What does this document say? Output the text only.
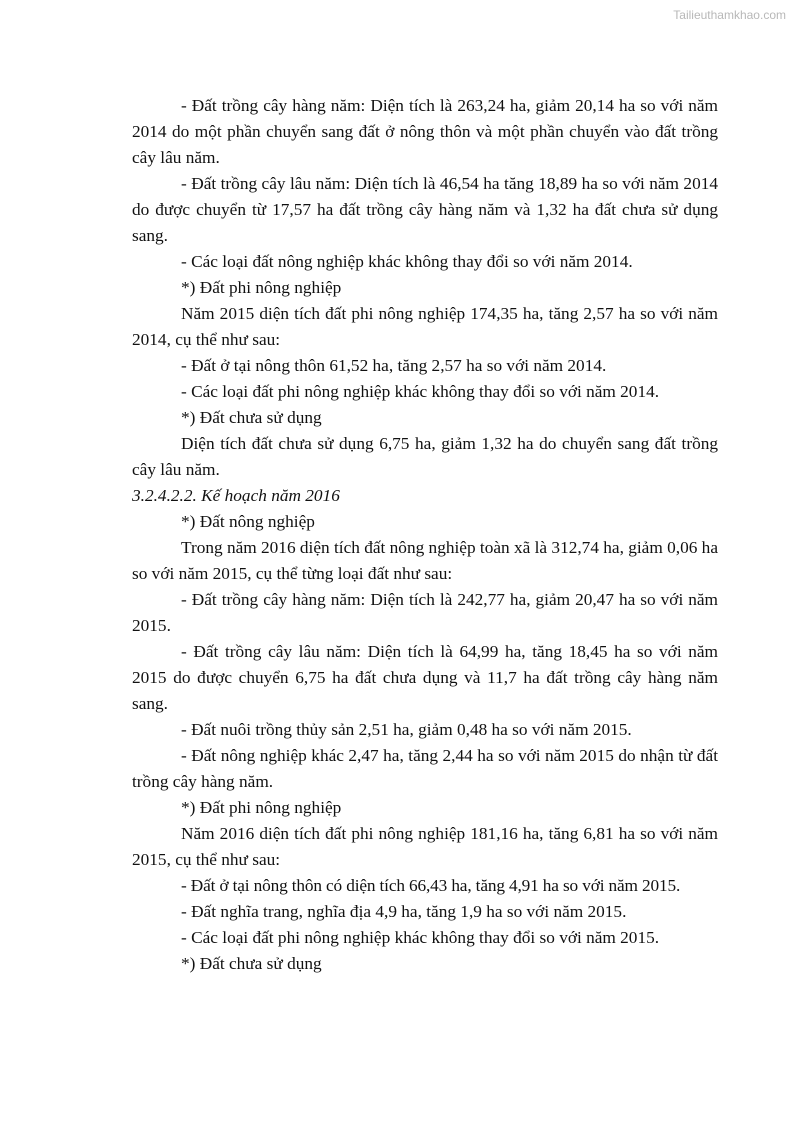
Tailieuthamkhao.com

- Đất trồng cây hàng năm: Diện tích là 263,24 ha, giảm 20,14 ha so với năm 2014 do một phần chuyển sang đất ở nông thôn và một phần chuyển vào đất trồng cây lâu năm.

- Đất trồng cây lâu năm: Diện tích là 46,54 ha tăng 18,89 ha so với năm 2014 do được chuyển từ 17,57 ha đất trồng cây hàng năm và 1,32 ha đất chưa sử dụng sang.

- Các loại đất nông nghiệp khác không thay đổi so với năm 2014.

*) Đất phi nông nghiệp

Năm 2015 diện tích đất phi nông nghiệp 174,35 ha, tăng 2,57 ha so với năm 2014, cụ thể như sau:

- Đất ở tại nông thôn 61,52 ha, tăng 2,57 ha so với năm 2014.

- Các loại đất phi nông nghiệp khác không thay đổi so với năm 2014.

*) Đất chưa sử dụng

Diện tích đất chưa sử dụng 6,75 ha, giảm 1,32 ha do chuyển sang đất trồng cây lâu năm.

3.2.4.2.2. Kế hoạch năm 2016

*) Đất nông nghiệp

Trong năm 2016 diện tích đất nông nghiệp toàn xã là 312,74 ha, giảm 0,06 ha so với năm 2015, cụ thể từng loại đất như sau:

- Đất trồng cây hàng năm: Diện tích là 242,77 ha, giảm 20,47 ha so với năm 2015.

- Đất trồng cây lâu năm: Diện tích là 64,99 ha, tăng 18,45 ha so với năm 2015 do được chuyển 6,75 ha đất chưa dụng và 11,7 ha đất trồng cây hàng năm sang.

- Đất nuôi trồng thủy sản 2,51 ha, giảm 0,48 ha so với năm 2015.

- Đất nông nghiệp khác 2,47 ha, tăng 2,44 ha so với năm 2015 do nhận từ đất trồng cây hàng năm.

*) Đất phi nông nghiệp

Năm 2016 diện tích đất phi nông nghiệp 181,16 ha, tăng 6,81 ha so với năm 2015, cụ thể như sau:

- Đất ở tại nông thôn có diện tích 66,43 ha, tăng 4,91 ha so với năm 2015.

- Đất nghĩa trang, nghĩa địa 4,9 ha, tăng 1,9 ha so với năm 2015.

- Các loại đất phi nông nghiệp khác không thay đổi so với năm 2015.

*) Đất chưa sử dụng
